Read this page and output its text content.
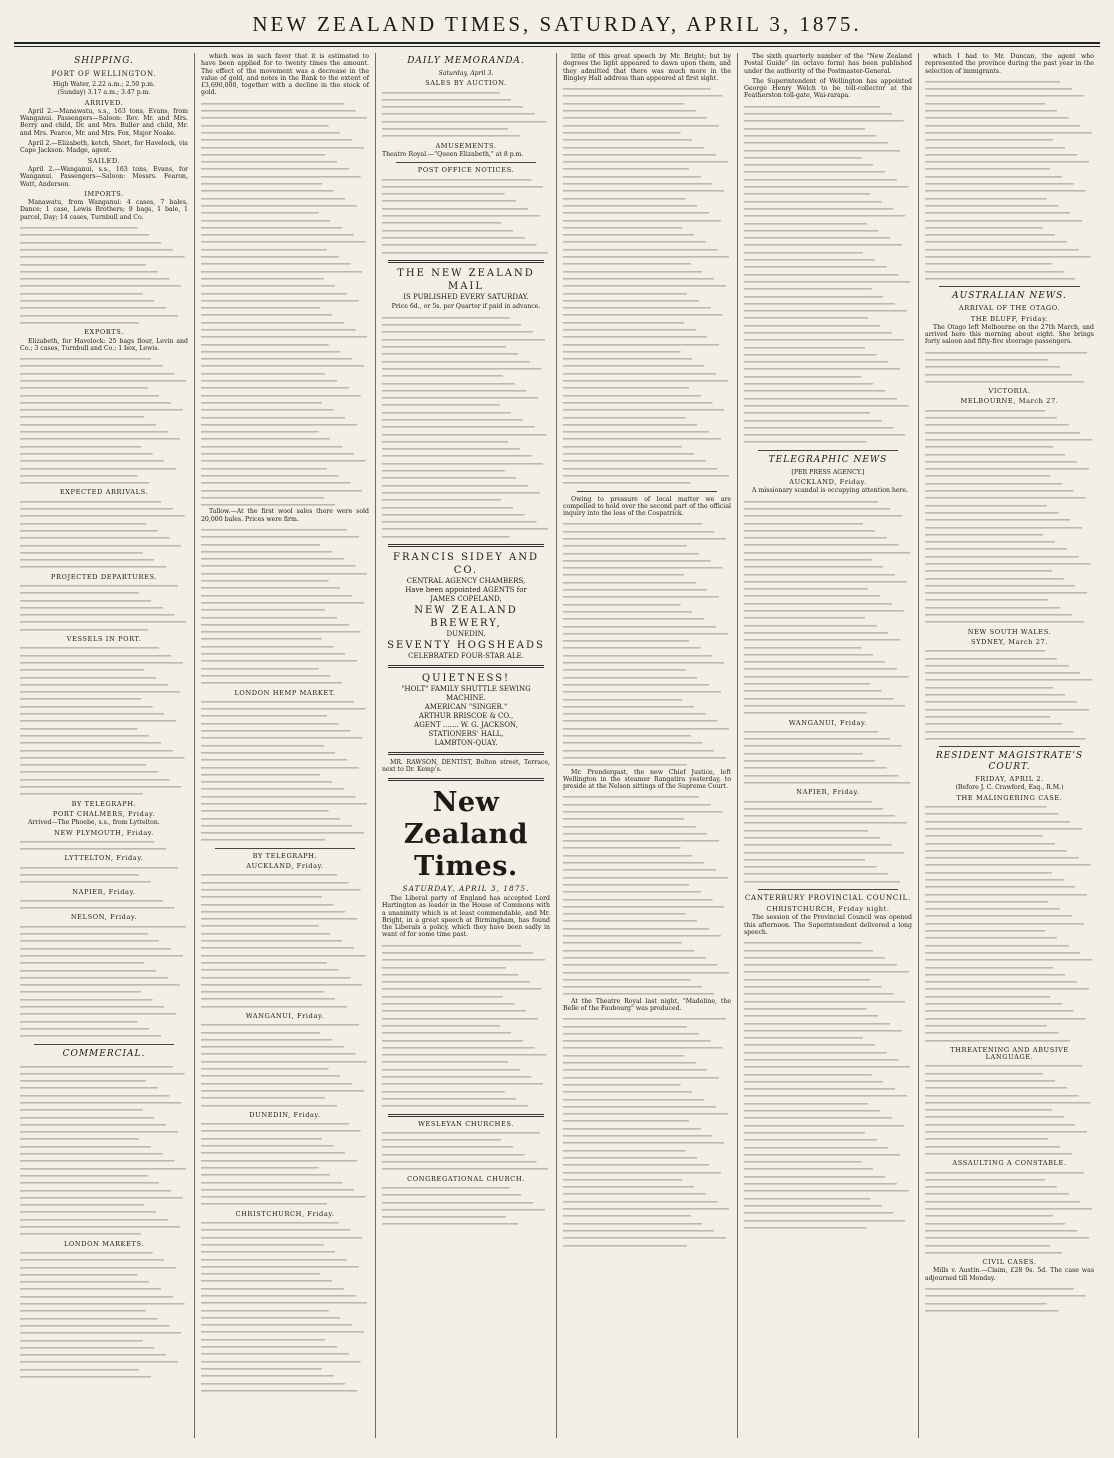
NEW ZEALAND TIMES, SATURDAY, APRIL 3, 1875.
SHIPPING.
PORT OF WELLINGTON.
High Water, 2.22 a.m.; 2.50 p.m.
(Sunday) 3.17 a.m.; 3.47 p.m.
ARRIVED.
April 2.—Manawatu, s.s., 163 tons, Evans, from Wanganui. Passengers—Saloon: Rev. Mr. and Mrs. Berry and child, Dr. and Mrs. Buller and child, Mr. and Mrs. Pearce, Mr. and Mrs. Fox, Major Noake.
April 2.—Elizabeth, ketch, Short, for Havelock, via Cape Jackson. Madge, agent.
SAILED.
April 2.—Wanganui, s.s., 163 tons, Evans, for Wanganui. Passengers—Saloon: Messrs. Fearon, Watt, Anderson.
IMPORTS.
Manawatu, from Wanganui: 4 cases, 7 bales, Dance; 1 case, Lewis Brothers; 9 bags, 1 bale, 1 parcel, Day; 14 cases, Turnbull and Co.
EXPORTS.
Elizabeth, for Havelock: 25 bags flour, Levin and Co.; 3 cases, Turnbull and Co.; 1 box, Lewis.
EXPECTED ARRIVALS.
PROJECTED DEPARTURES.
VESSELS IN PORT.
BY TELEGRAPH.
PORT CHALMERS, Friday.
Arrived—The Phoebe, s.s., from Lyttelton.
NEW PLYMOUTH, Friday.
LYTTELTON, Friday.
NAPIER, Friday.
NELSON, Friday.
COMMERCIAL.
LONDON MARKETS.
which was in such favor that it is estimated to have been applied for to twenty times the amount. The effect of the movement was a decrease in the value of gold, and notes in the Bank to the extent of £3,690,000, together with a decline in the stock of gold.
Tallow.—At the first wool sales there were sold 20,000 bales. Prices were firm.
LONDON HEMP MARKET.
BY TELEGRAPH.
AUCKLAND, Friday.
WANGANUI, Friday.
DUNEDIN, Friday.
CHRISTCHURCH, Friday.
DAILY MEMORANDA.
Saturday, April 3.
SALES BY AUCTION.
AMUSEMENTS.
Theatre Royal.—"Queen Elizabeth," at 8 p.m.
POST OFFICE NOTICES.
THE NEW ZEALAND MAIL
IS PUBLISHED EVERY SATURDAY.
Price 6d., or 5s. per Quarter if paid in advance.
FRANCIS SIDEY AND CO.
CENTRAL AGENCY CHAMBERS,
Have been appointed AGENTS for
JAMES COPELAND,
NEW ZEALAND BREWERY,
DUNEDIN.
SEVENTY HOGSHEADS
CELEBRATED FOUR-STAR ALE.
QUIETNESS!
"HOLT" FAMILY SHUTTLE SEWING MACHINE.
AMERICAN "SINGER."
ARTHUR BRISCOE & CO.,
AGENT ....... W. G. JACKSON,
STATIONERS' HALL,
LAMBTON-QUAY.
MR. RAWSON, DENTIST, Bolton street, Terrace, next to Dr. Kemp's.
New Zealand Times.
SATURDAY, APRIL 3, 1875.
The Liberal party of England has accepted Lord Hartington as leader in the House of Commons with a unanimity which is at least commendable, and Mr. Bright, in a great speech at Birmingham, has found the Liberals a policy, which they have been sadly in want of for some time past.
WESLEYAN CHURCHES.
CONGREGATIONAL CHURCH.
little of this great speech by Mr. Bright; but by degrees the light appeared to dawn upon them, and they admitted that there was much more in the Bingley Hall address than appeared at first sight.
Owing to pressure of local matter we are compelled to hold over the second part of the official inquiry into the loss of the Cospatrick.
Mr. Prendergast, the new Chief Justice, left Wellington in the steamer Rangatira yesterday, to preside at the Nelson sittings of the Supreme Court.
At the Theatre Royal last night, "Madeline, the Belle of the Faubourg" was produced.
The sixth quarterly number of the "New Zealand Postal Guide" (in octavo form) has been published under the authority of the Postmaster-General.
The Superintendent of Wellington has appointed George Henry Welch to be toll-collector at the Featherston toll-gate, Wai-rarapa.
TELEGRAPHIC NEWS
[PER PRESS AGENCY.]
AUCKLAND, Friday.
A missionary scandal is occupying attention here.
WANGANUI, Friday.
NAPIER, Friday.
CANTERBURY PROVINCIAL COUNCIL.
CHRISTCHURCH, Friday night.
The session of the Provincial Council was opened this afternoon. The Superintendent delivered a long speech.
which I had to Mr. Duncan, the agent who represented the province during the past year in the selection of immigrants.
AUSTRALIAN NEWS.
ARRIVAL OF THE OTAGO.
THE BLUFF, Friday.
The Otago left Melbourne on the 27th March, and arrived here this morning about eight. She brings forty saloon and fifty-five steerage passengers.
VICTORIA.
MELBOURNE, March 27.
NEW SOUTH WALES.
SYDNEY, March 27.
RESIDENT MAGISTRATE'S COURT.
FRIDAY, APRIL 2.
(Before J. C. Crawford, Esq., R.M.)
THE MALINGERING CASE.
THREATENING AND ABUSIVE LANGUAGE.
ASSAULTING A CONSTABLE.
CIVIL CASES.
Mills v. Austin.—Claim, £28 9s. 5d. The case was adjourned till Monday.
